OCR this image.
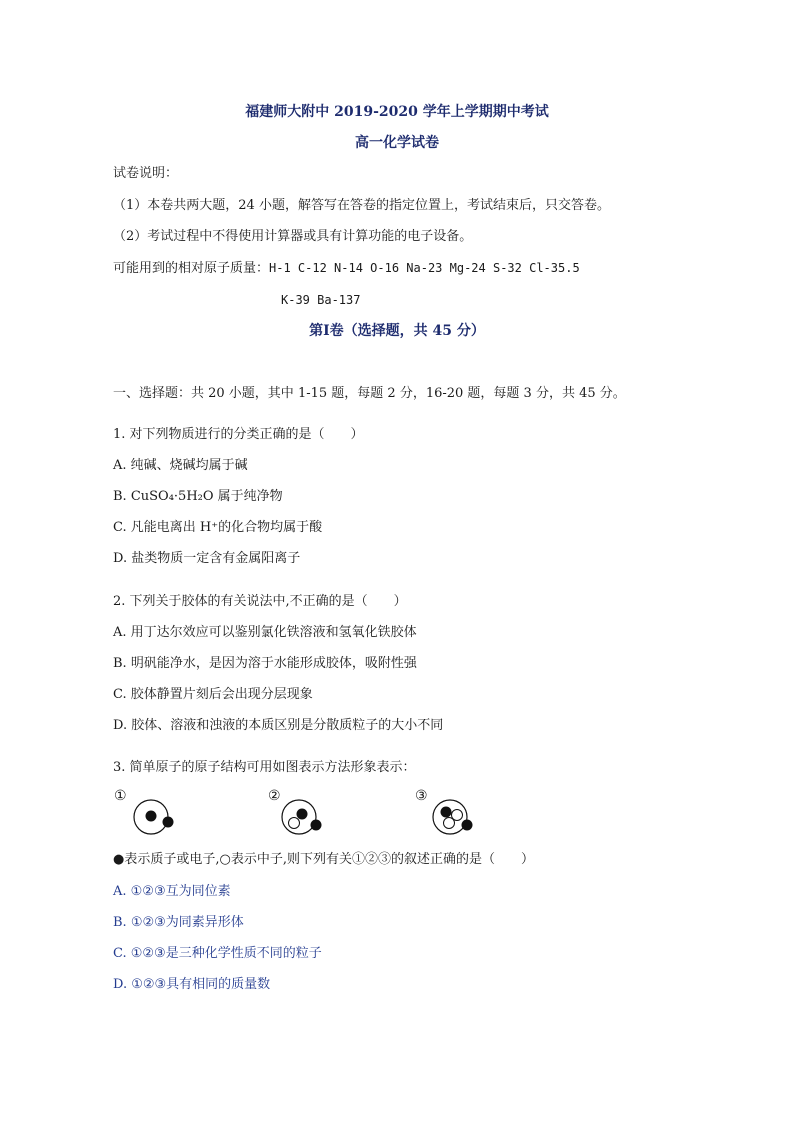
福建师大附中 2019-2020 学年上学期期中考试
高一化学试卷
试卷说明：
（1）本卷共两大题，24 小题，解答写在答卷的指定位置上，考试结束后，只交答卷。
（2）考试过程中不得使用计算器或具有计算功能的电子设备。
可能用到的相对原子质量：H-1 C-12 N-14 O-16 Na-23 Mg-24 S-32 Cl-35.5
K-39 Ba-137
第Ⅰ卷（选择题，共 45 分）
一、选择题：共 20 小题，其中 1-15 题，每题 2 分，16-20 题，每题 3 分，共 45 分。
1. 对下列物质进行的分类正确的是（　　）
A. 纯碱、烧碱均属于碱
B. CuSO₄·5H₂O 属于纯净物
C. 凡能电离出 H⁺的化合物均属于酸
D. 盐类物质一定含有金属阳离子
2. 下列关于胶体的有关说法中,不正确的是（　　）
A. 用丁达尔效应可以鉴别氯化铁溶液和氢氧化铁胶体
B. 明矾能净水，是因为溶于水能形成胶体，吸附性强
C. 胶体静置片刻后会出现分层现象
D. 胶体、溶液和浊液的本质区别是分散质粒子的大小不同
3. 简单原子的原子结构可用如图表示方法形象表示：
①	②	③
●表示质子或电子,○表示中子,则下列有关①②③的叙述正确的是（　　）
A. ①②③互为同位素
B. ①②③为同素异形体
C. ①②③是三种化学性质不同的粒子
D. ①②③具有相同的质量数
